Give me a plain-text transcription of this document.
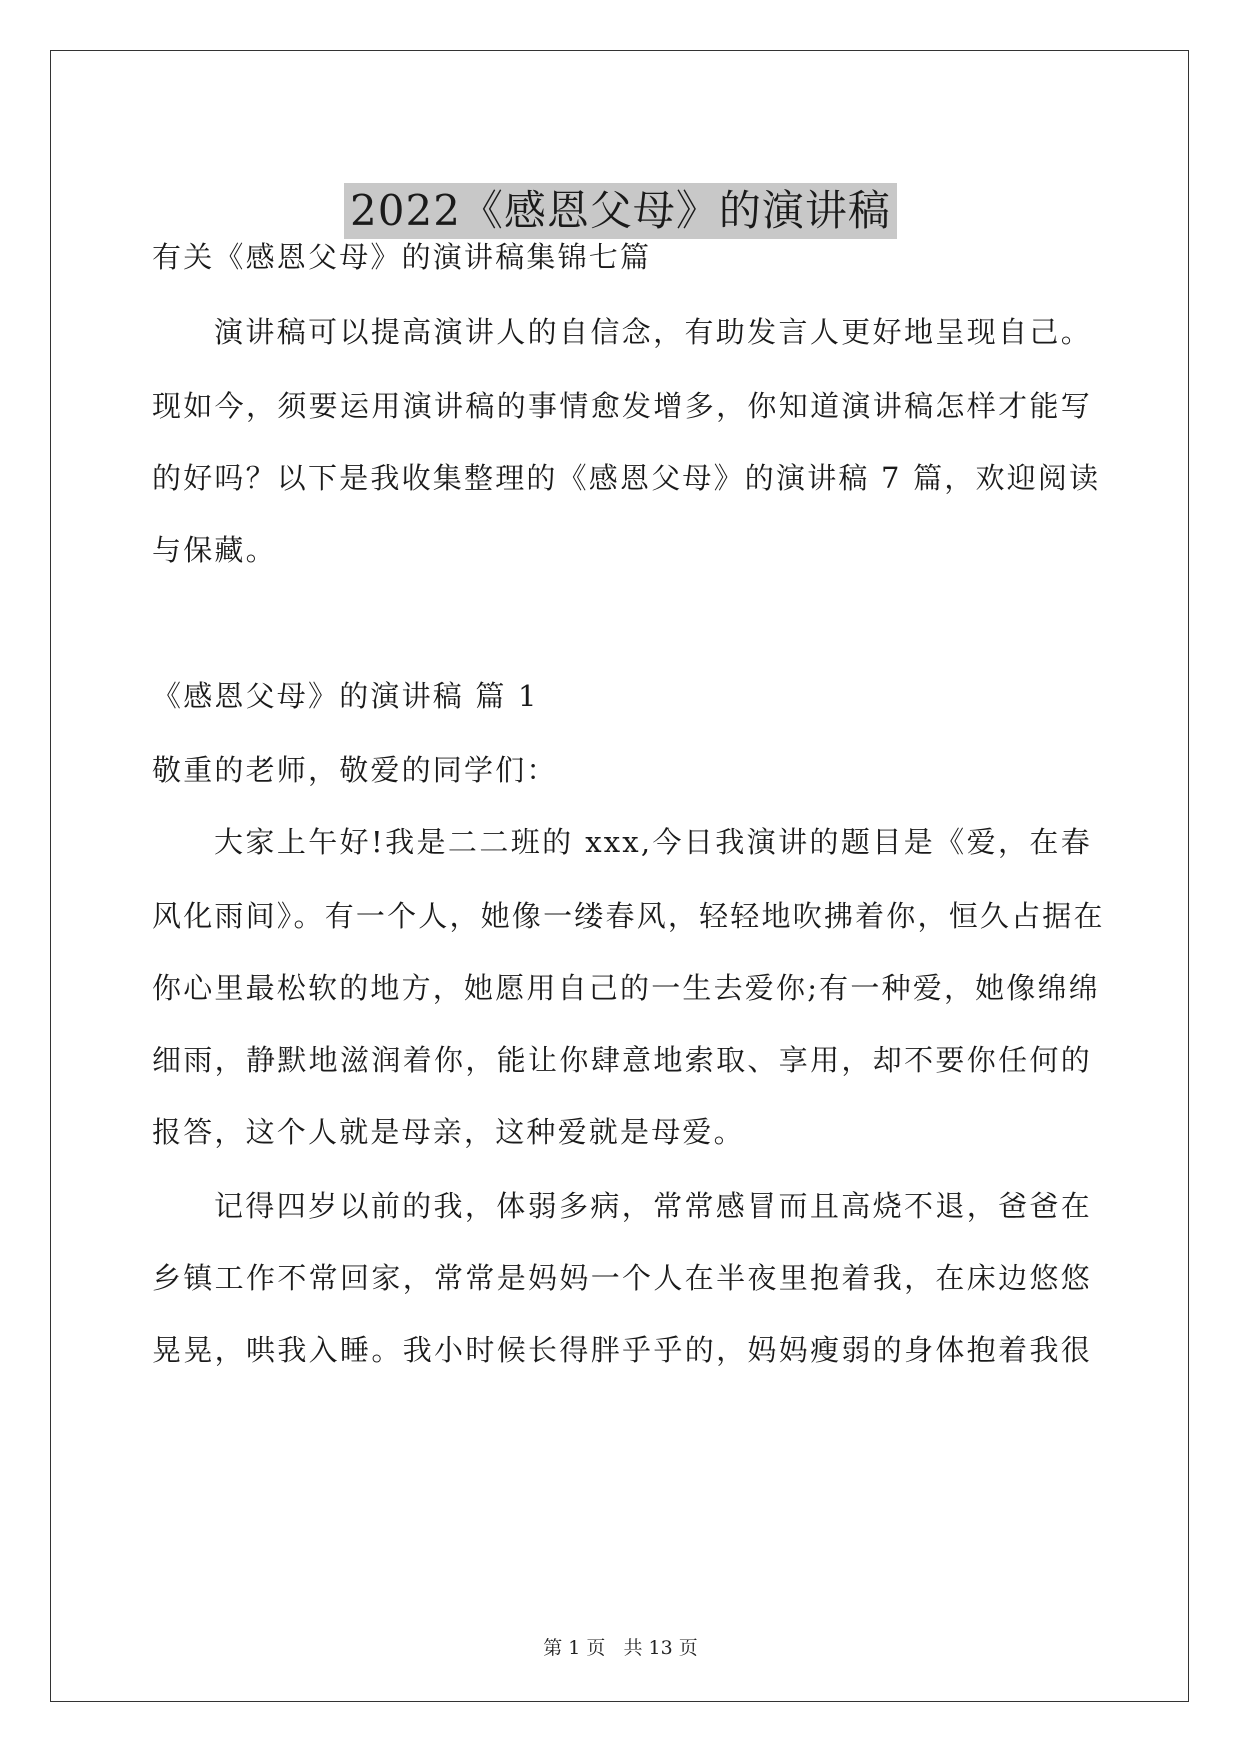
2022《感恩父母》的演讲稿
有关《感恩父母》的演讲稿集锦七篇
演讲稿可以提高演讲人的自信念，有助发言人更好地呈现自己。
现如今，须要运用演讲稿的事情愈发增多，你知道演讲稿怎样才能写
的好吗？以下是我收集整理的《感恩父母》的演讲稿 7 篇，欢迎阅读
与保藏。
《感恩父母》的演讲稿 篇 1
敬重的老师，敬爱的同学们：
大家上午好!我是二二班的 xxx,今日我演讲的题目是《爱，在春
风化雨间》。有一个人，她像一缕春风，轻轻地吹拂着你，恒久占据在
你心里最松软的地方，她愿用自己的一生去爱你;有一种爱，她像绵绵
细雨，静默地滋润着你，能让你肆意地索取、享用，却不要你任何的
报答，这个人就是母亲，这种爱就是母爱。
记得四岁以前的我，体弱多病，常常感冒而且高烧不退，爸爸在
乡镇工作不常回家，常常是妈妈一个人在半夜里抱着我，在床边悠悠
晃晃，哄我入睡。我小时候长得胖乎乎的，妈妈瘦弱的身体抱着我很
第 1 页   共 13 页
